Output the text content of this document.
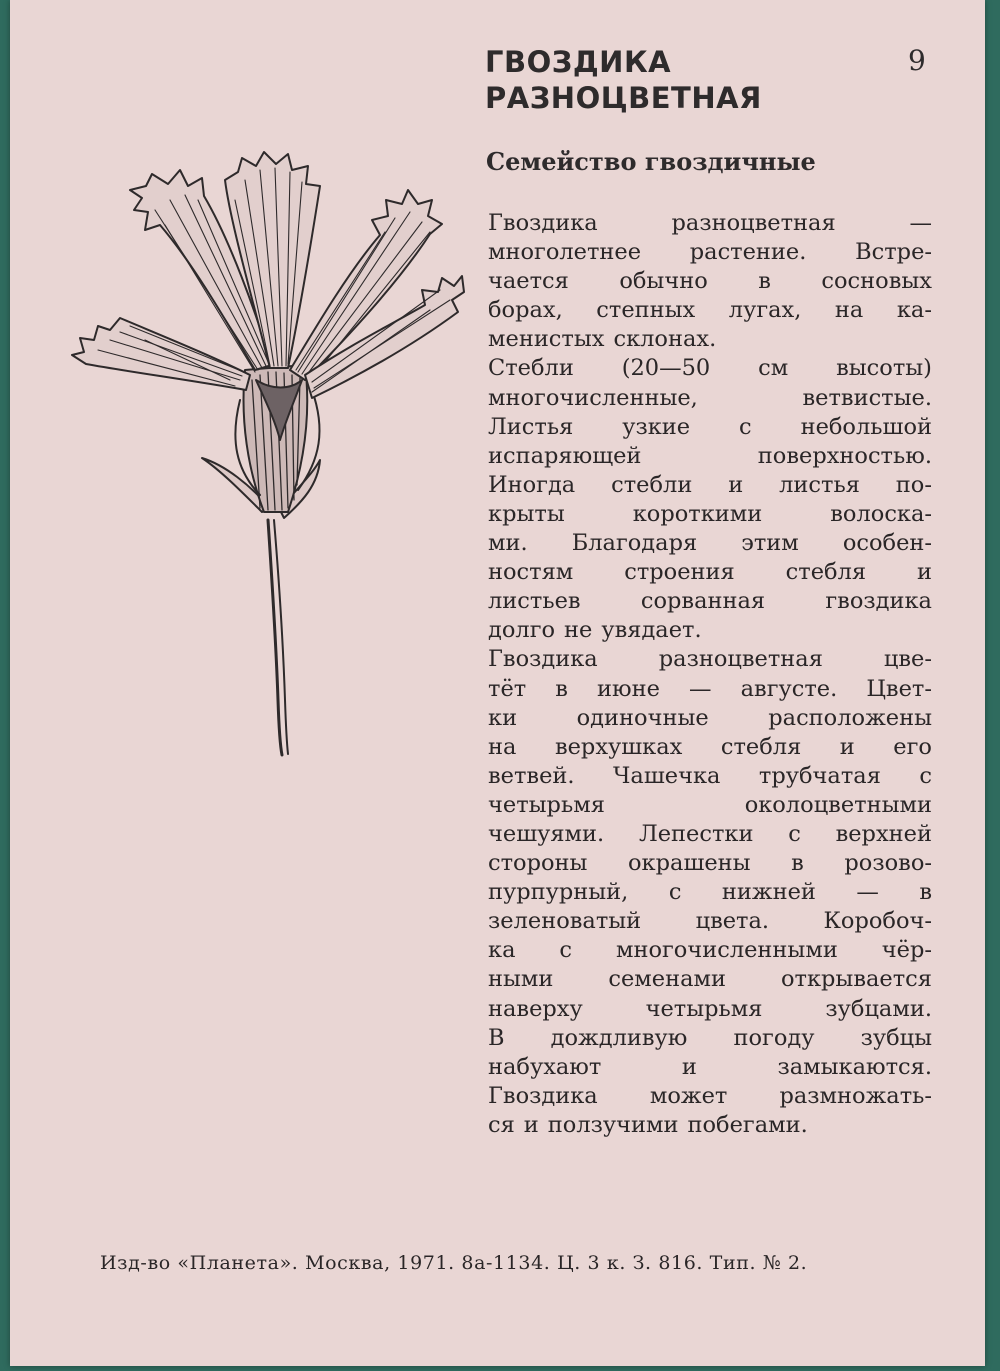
ГВОЗДИКА
РАЗНОЦВЕТНАЯ
9
Семейство гвоздичные
Гвоздика	разноцветная	—
многолетнее растение. Встре-
чается обычно в сосновых
борах, степных лугах, на ка-
менистых склонах.
Стебли (20—50 см высоты)
многочисленные,	ветвистые.
Листья узкие с небольшой
испаряющей	поверхностью.
Иногда стебли и листья по-
крыты	короткими	волоска-
ми. Благодаря этим особен-
ностям строения стебля и
листьев	сорванная	гвоздика
долго не увядает.
Гвоздика	разноцветная	цве-
тёт в июне — августе. Цвет-
ки	одиночные	расположены
на верхушках стебля и его
ветвей. Чашечка трубчатая с
четырьмя	околоцветными
чешуями. Лепестки с верхней
стороны окрашены в розово-
пурпурный, с нижней — в
зеленоватый цвета. Коробоч-
ка с многочисленными чёр-
ными семенами открывается
наверху	четырьмя	зубцами.
В дождливую погоду зубцы
набухают	и	замыкаются.
Гвоздика может размножать-
ся и ползучими побегами.
Изд-во «Планета». Москва, 1971. 8а-1134. Ц. 3 к. З. 816. Тип. № 2.
